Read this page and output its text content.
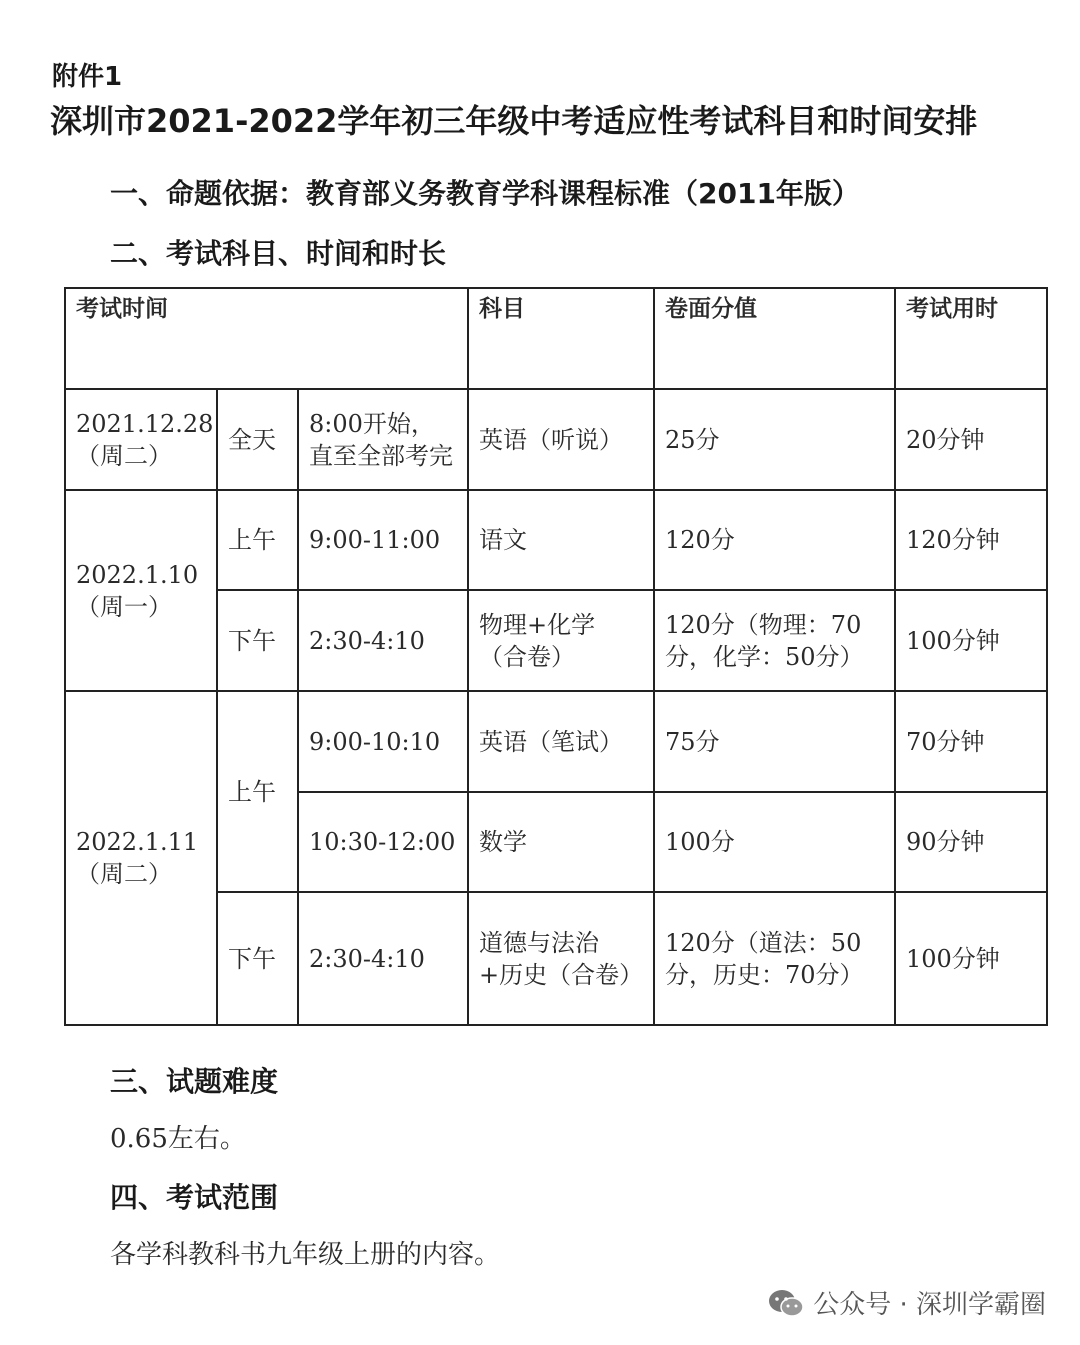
附件1
深圳市2021-2022学年初三年级中考适应性考试科目和时间安排
一、命题依据：教育部义务教育学科课程标准（2011年版）
二、考试科目、时间和时长
考试时间			科目	卷面分值	考试用时

2021.12.28
（周二）	全天	8:00开始，直至全部考完	英语（听说）	25分	20分钟

2022.1.10
（周一）	上午	9:00-11:00	语文	120分	120分钟
	下午	2:30-4:10	物理+化学（合卷）	120分（物理：70分，化学：50分）	100分钟

2022.1.11
（周二）	上午	9:00-10:10	英语（笔试）	75分	70分钟
		10:30-12:00	数学	100分	90分钟
	下午	2:30-4:10	道德与法治+历史（合卷）	120分（道法：50分，历史：70分）	100分钟
三、试题难度
0.65左右。
四、考试范围
各学科教科书九年级上册的内容。
公众号 · 深圳学霸圈
